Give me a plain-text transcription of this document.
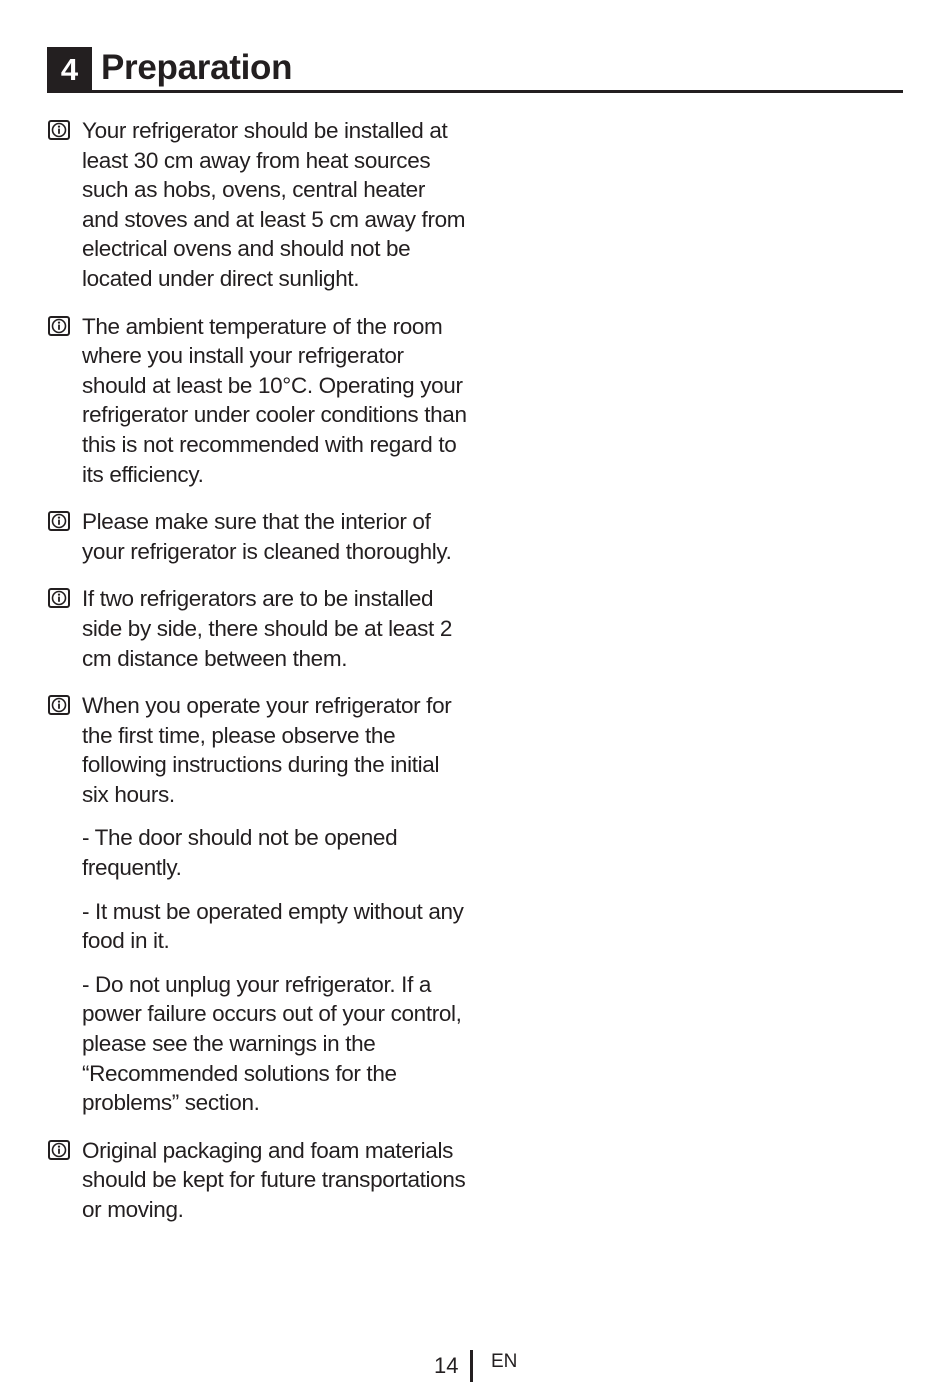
4 Preparation

Your refrigerator should be installed at least 30 cm away from heat sources such as hobs, ovens, central heater and stoves and at least 5 cm away from electrical ovens and should not be located under direct sunlight.

The ambient temperature of the room where you install your refrigerator should at least be 10°C. Operating your refrigerator under cooler conditions than this is not recommended with regard to its efficiency.

Please make sure that the interior of your refrigerator is cleaned thoroughly.

If two refrigerators are to be installed side by side, there should be at least 2 cm distance between them.

When you operate your refrigerator for the first time, please observe the following instructions during the initial six hours.

- The door should not be opened frequently.

- It must be operated empty without any food in it.

- Do not unplug your refrigerator. If a power failure occurs out of your control, please see the warnings in the “Recommended solutions for the problems” section.

Original packaging and foam materials should be kept for future transportations or moving.

14 EN
